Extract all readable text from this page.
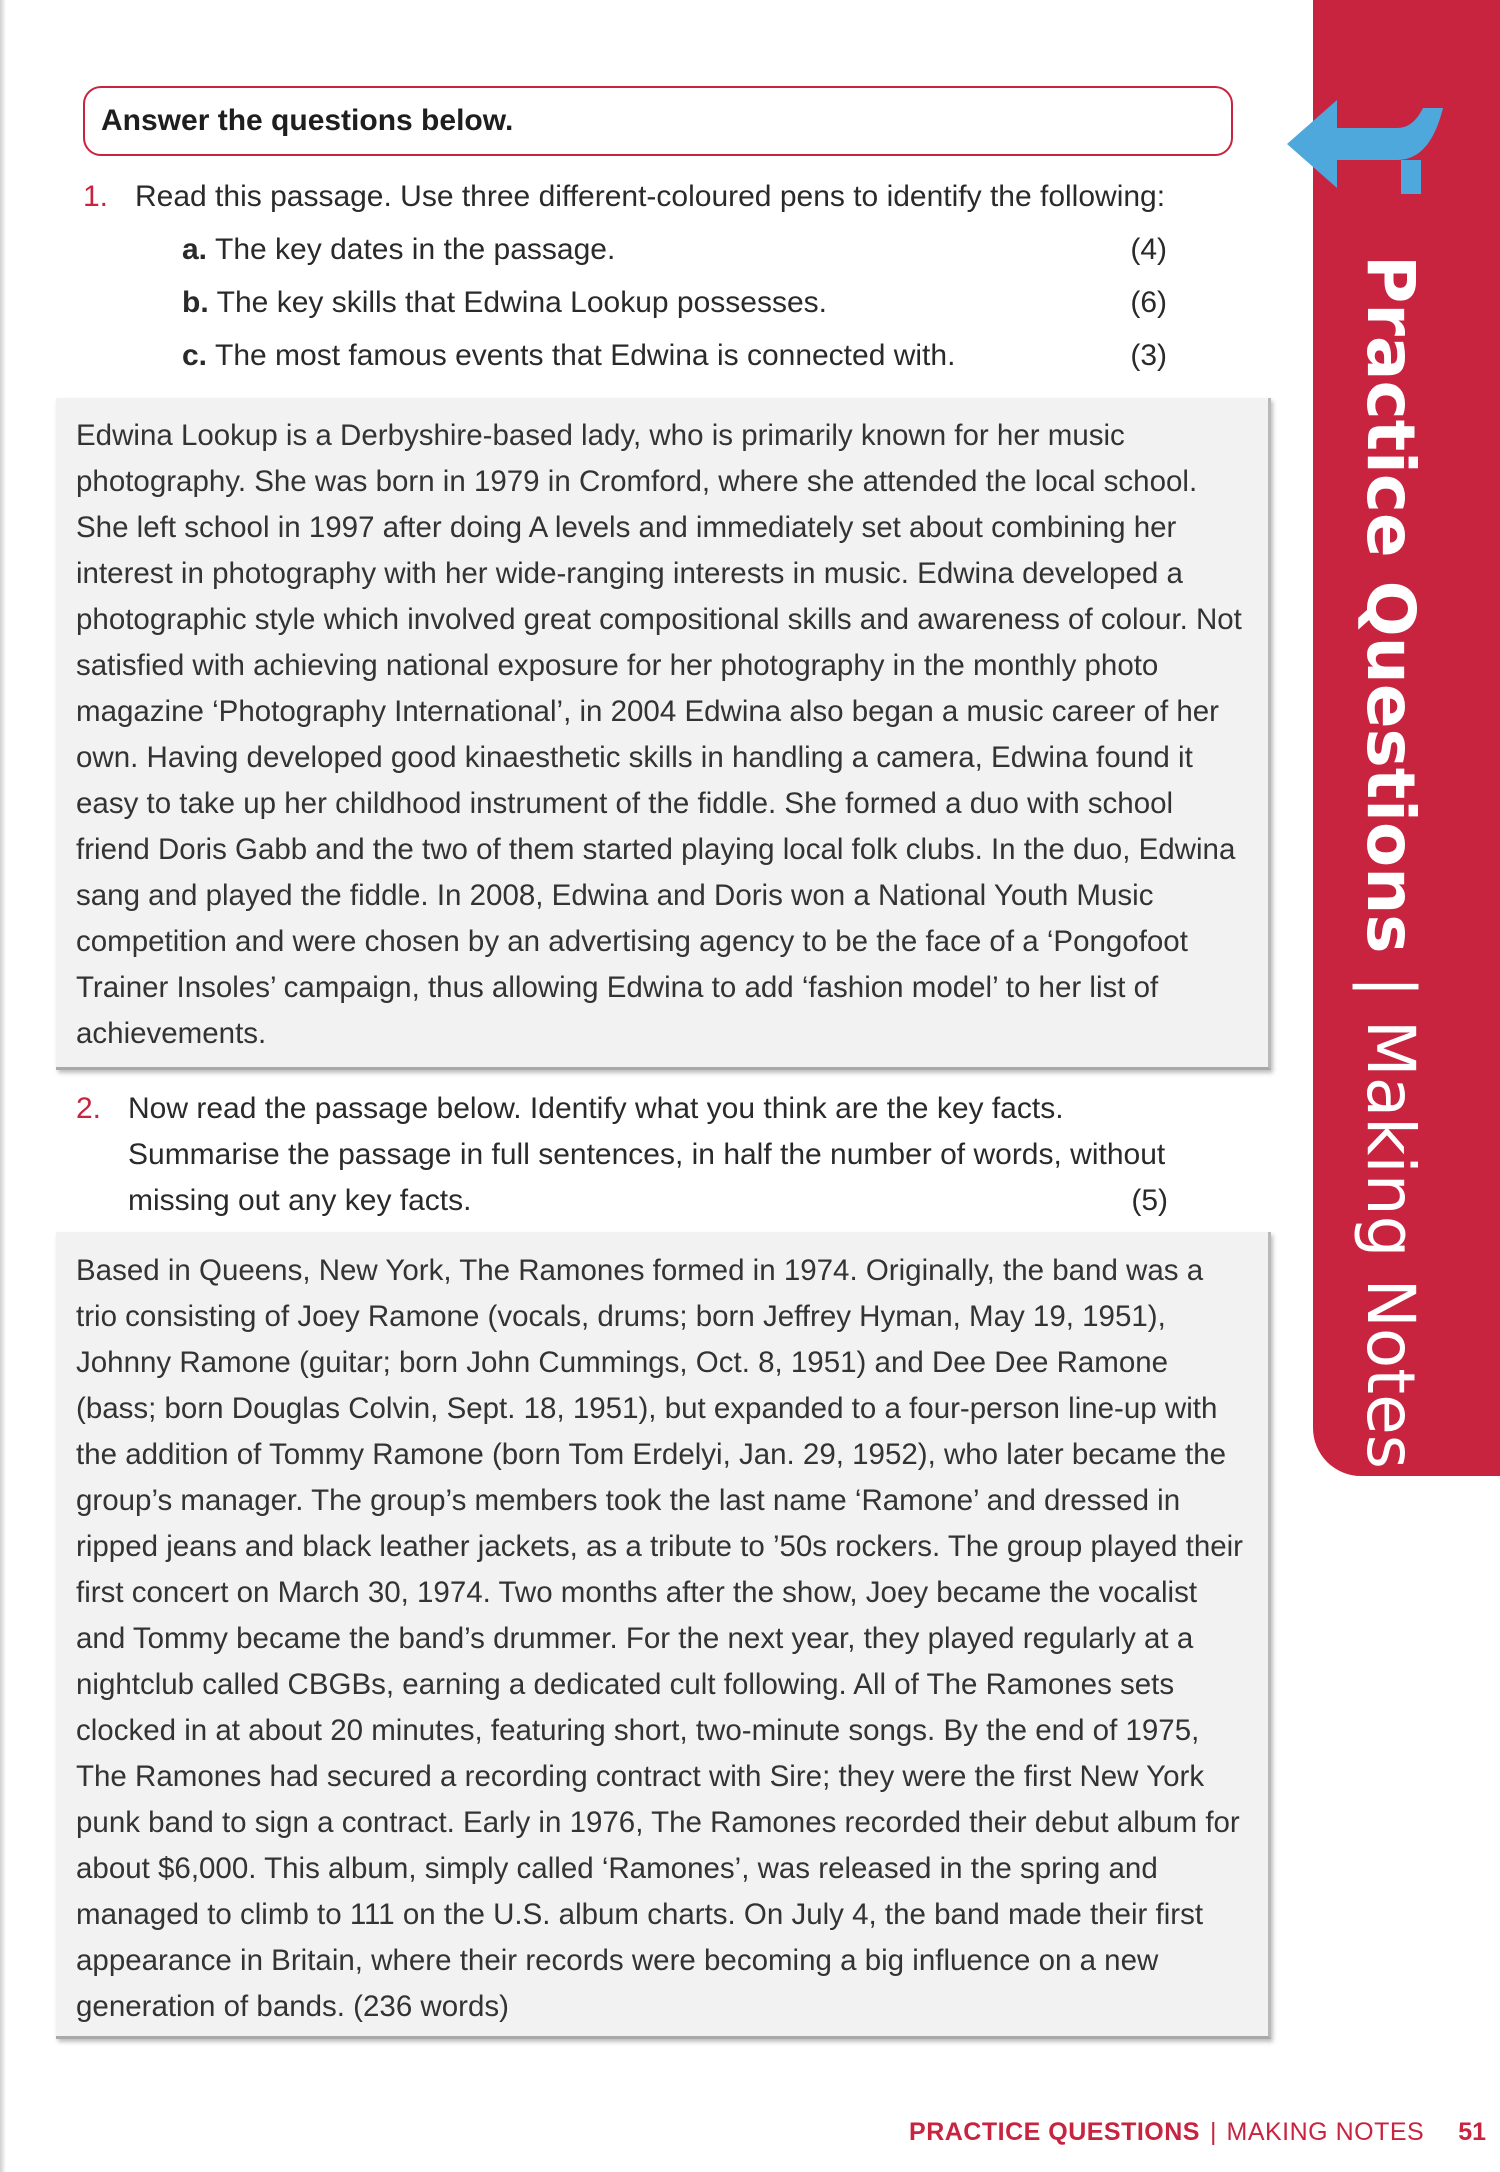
Practice Questions
|
Making Notes
Answer the questions below.
1. Read this passage. Use three different-coloured pens to identify the following:
a. The key dates in the passage.	(4)
b. The key skills that Edwina Lookup possesses.	(6)
c. The most famous events that Edwina is connected with.	(3)

Edwina Lookup is a Derbyshire-based lady, who is primarily known for her music photography. She was born in 1979 in Cromford, where she attended the local school. She left school in 1997 after doing A levels and immediately set about combining her interest in photography with her wide-ranging interests in music. Edwina developed a photographic style which involved great compositional skills and awareness of colour. Not satisfied with achieving national exposure for her photography in the monthly photo magazine ‘Photography International’, in 2004 Edwina also began a music career of her own. Having developed good kinaesthetic skills in handling a camera, Edwina found it easy to take up her childhood instrument of the fiddle. She formed a duo with school friend Doris Gabb and the two of them started playing local folk clubs. In the duo, Edwina sang and played the fiddle. In 2008, Edwina and Doris won a National Youth Music competition and were chosen by an advertising agency to be the face of a ‘Pongofoot Trainer Insoles’ campaign, thus allowing Edwina to add ‘fashion model’ to her list of achievements.

2. Now read the passage below. Identify what you think are the key facts. Summarise the passage in full sentences, in half the number of words, without missing out any key facts.	(5)

Based in Queens, New York, The Ramones formed in 1974. Originally, the band was a trio consisting of Joey Ramone (vocals, drums; born Jeffrey Hyman, May 19, 1951), Johnny Ramone (guitar; born John Cummings, Oct. 8, 1951) and Dee Dee Ramone (bass; born Douglas Colvin, Sept. 18, 1951), but expanded to a four-person line-up with the addition of Tommy Ramone (born Tom Erdelyi, Jan. 29, 1952), who later became the group’s manager. The group’s members took the last name ‘Ramone’ and dressed in ripped jeans and black leather jackets, as a tribute to ’50s rockers. The group played their first concert on March 30, 1974. Two months after the show, Joey became the vocalist and Tommy became the band’s drummer. For the next year, they played regularly at a nightclub called CBGBs, earning a dedicated cult following. All of The Ramones sets clocked in at about 20 minutes, featuring short, two-minute songs. By the end of 1975, The Ramones had secured a recording contract with Sire; they were the first New York punk band to sign a contract. Early in 1976, The Ramones recorded their debut album for about $6,000. This album, simply called ‘Ramones’, was released in the spring and managed to climb to 111 on the U.S. album charts. On July 4, the band made their first appearance in Britain, where their records were becoming a big influence on a new generation of bands. (236 words)

PRACTICE QUESTIONS | MAKING NOTES 51
